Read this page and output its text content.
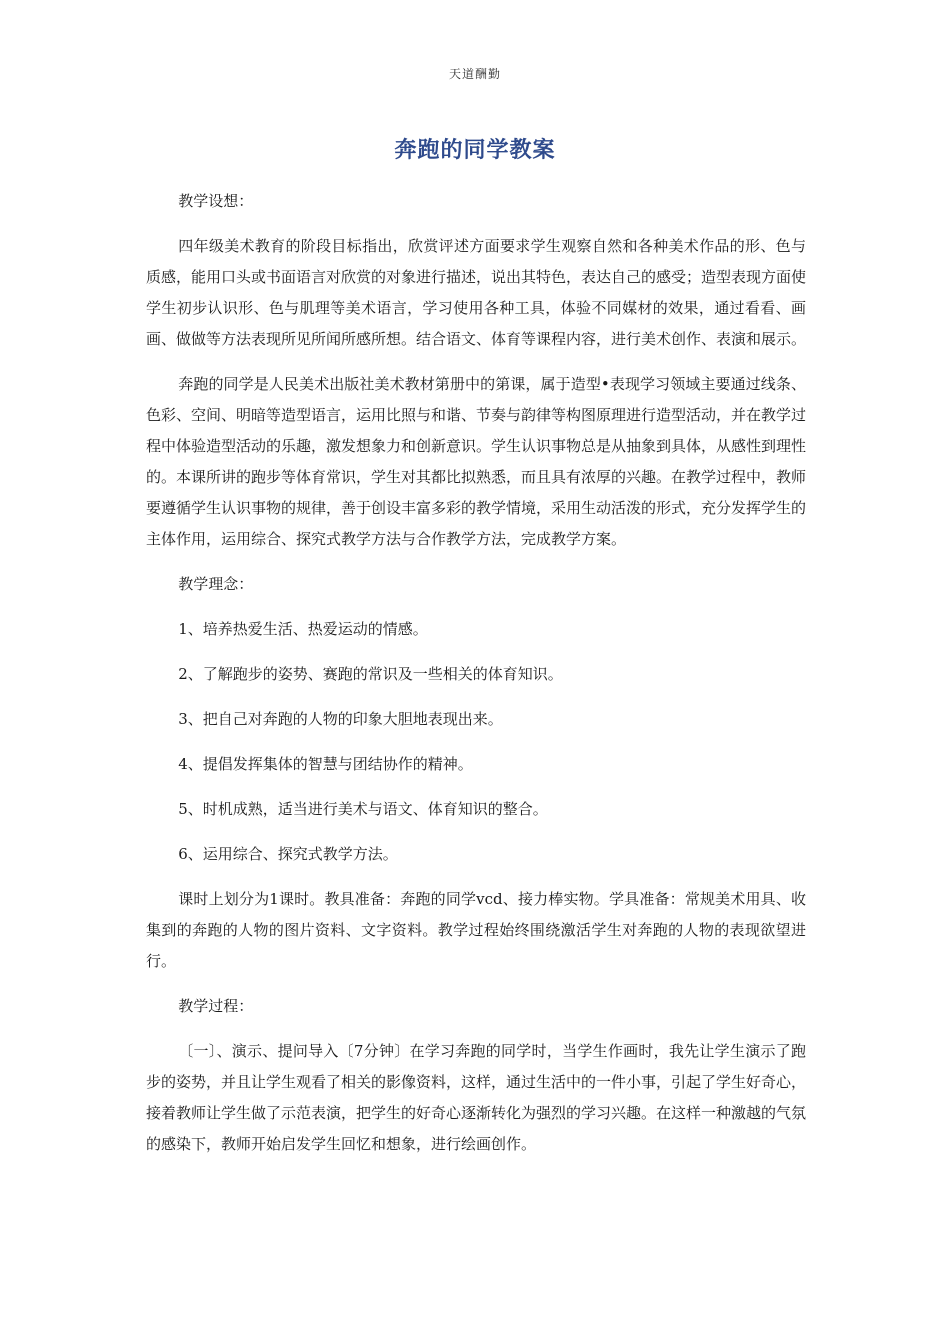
天道酬勤
奔跑的同学教案

教学设想：

四年级美术教育的阶段目标指出，欣赏评述方面要求学生观察自然和各种美术作品的形、色与质感，能用口头或书面语言对欣赏的对象进行描述，说出其特色，表达自己的感受；造型表现方面使学生初步认识形、色与肌理等美术语言，学习使用各种工具，体验不同媒材的效果，通过看看、画画、做做等方法表现所见所闻所感所想。结合语文、体育等课程内容，进行美术创作、表演和展示。

奔跑的同学是人民美术出版社美术教材第册中的第课，属于造型•表现学习领域主要通过线条、色彩、空间、明暗等造型语言，运用比照与和谐、节奏与韵律等构图原理进行造型活动，并在教学过程中体验造型活动的乐趣，激发想象力和创新意识。学生认识事物总是从抽象到具体，从感性到理性的。本课所讲的跑步等体育常识，学生对其都比拟熟悉，而且具有浓厚的兴趣。在教学过程中，教师要遵循学生认识事物的规律，善于创设丰富多彩的教学情境，采用生动活泼的形式，充分发挥学生的主体作用，运用综合、探究式教学方法与合作教学方法，完成教学方案。

教学理念：

1、培养热爱生活、热爱运动的情感。

2、了解跑步的姿势、赛跑的常识及一些相关的体育知识。

3、把自己对奔跑的人物的印象大胆地表现出来。

4、提倡发挥集体的智慧与团结协作的精神。

5、时机成熟，适当进行美术与语文、体育知识的整合。

6、运用综合、探究式教学方法。

课时上划分为1课时。教具准备：奔跑的同学vcd、接力棒实物。学具准备：常规美术用具、收集到的奔跑的人物的图片资料、文字资料。教学过程始终围绕激活学生对奔跑的人物的表现欲望进行。

教学过程：

〔一〕、演示、提问导入〔7分钟〕在学习奔跑的同学时，当学生作画时，我先让学生演示了跑步的姿势，并且让学生观看了相关的影像资料，这样，通过生活中的一件小事，引起了学生好奇心，接着教师让学生做了示范表演，把学生的好奇心逐渐转化为强烈的学习兴趣。在这样一种激越的气氛的感染下，教师开始启发学生回忆和想象，进行绘画创作。
